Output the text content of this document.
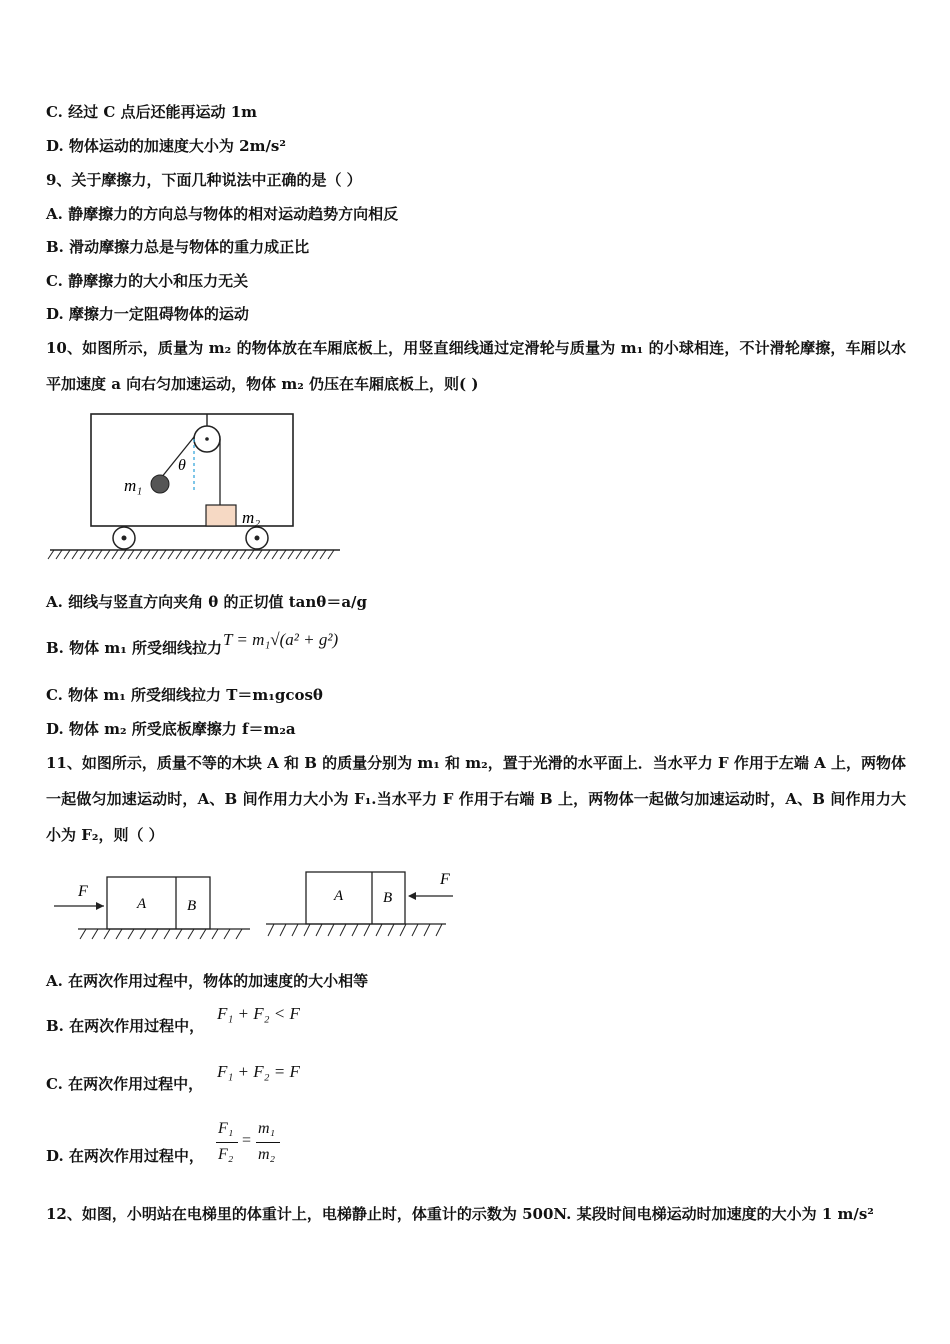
C. 经过 C 点后还能再运动 1m
D. 物体运动的加速度大小为 2m/s²
9、关于摩擦力，下面几种说法中正确的是（ ）
A. 静摩擦力的方向总与物体的相对运动趋势方向相反
B. 滑动摩擦力总是与物体的重力成正比
C. 静摩擦力的大小和压力无关
D. 摩擦力一定阻碍物体的运动
10、如图所示，质量为 m₂ 的物体放在车厢底板上，用竖直细线通过定滑轮与质量为 m₁ 的小球相连，不计滑轮摩擦，车厢以水平加速度 a 向右匀加速运动，物体 m₂ 仍压在车厢底板上，则( )
θ
m₁
m₂
A. 细线与竖直方向夹角 θ 的正切值 tanθ＝a/g
B. 物体 m₁ 所受细线拉力 T = m₁√(a² + g²)
C. 物体 m₁ 所受细线拉力 T＝m₁gcosθ
D. 物体 m₂ 所受底板摩擦力 f＝m₂a
11、如图所示，质量不等的木块 A 和 B 的质量分别为 m₁ 和 m₂，置于光滑的水平面上．当水平力 F 作用于左端 A 上，两物体一起做匀加速运动时，A、B 间作用力大小为 F₁.当水平力 F 作用于右端 B 上，两物体一起做匀加速运动时，A、B 间作用力大小为 F₂，则（ ）
F
A	B
A	B
F
A. 在两次作用过程中，物体的加速度的大小相等
B. 在两次作用过程中，
F₁ + F₂ < F
C. 在两次作用过程中，
F₁ + F₂ = F
D. 在两次作用过程中，
F₁
F₂
=
m₁
m₂
12、如图，小明站在电梯里的体重计上，电梯静止时，体重计的示数为 500N. 某段时间电梯运动时加速度的大小为 1 m/s²
